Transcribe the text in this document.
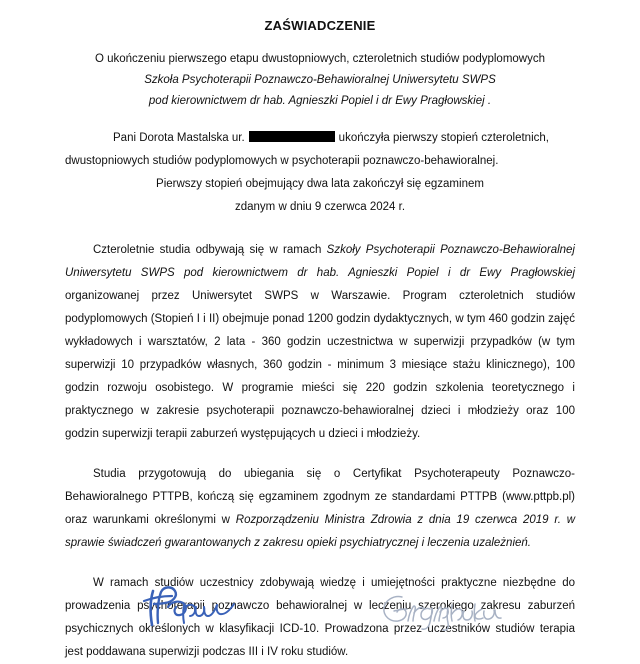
ZAŚWIADCZENIE
O ukończeniu pierwszego etapu dwustopniowych, czteroletnich studiów podyplomowych
Szkoła Psychoterapii Poznawczo-Behawioralnej Uniwersytetu SWPS
pod kierownictwem dr hab. Agnieszki Popiel i dr Ewy Pragłowskiej .
Pani Dorota Mastalska ur.	ukończyła pierwszy stopień czteroletnich,
dwustopniowych studiów podyplomowych w psychoterapii poznawczo-behawioralnej.
Pierwszy stopień obejmujący dwa lata zakończył się egzaminem
zdanym w dniu 9 czerwca 2024 r.

Czteroletnie studia odbywają się w ramach Szkoły Psychoterapii Poznawczo-Behawioralnej Uniwersytetu SWPS pod kierownictwem dr hab. Agnieszki Popiel i dr Ewy Pragłowskiej organizowanej przez Uniwersytet SWPS w Warszawie. Program czteroletnich studiów podyplomowych (Stopień I i II) obejmuje ponad 1200 godzin dydaktycznych, w tym 460 godzin zajęć wykładowych i warsztatów, 2 lata - 360 godzin uczestnictwa w superwizji przypadków (w tym superwizji 10 przypadków własnych, 360 godzin - minimum 3 miesiące stażu klinicznego), 100 godzin rozwoju osobistego. W programie mieści się 220 godzin szkolenia teoretycznego i praktycznego w zakresie psychoterapii poznawczo-behawioralnej dzieci i młodzieży oraz 100 godzin superwizji terapii zaburzeń występujących u dzieci i młodzieży.

Studia przygotowują do ubiegania się o Certyfikat Psychoterapeuty Poznawczo-Behawioralnego PTTPB, kończą się egzaminem zgodnym ze standardami PTTPB (www.pttpb.pl) oraz warunkami określonymi w Rozporządzeniu Ministra Zdrowia z dnia 19 czerwca 2019 r. w sprawie świadczeń gwarantowanych z zakresu opieki psychiatrycznej i leczenia uzależnień.

W ramach studiów uczestnicy zdobywają wiedzę i umiejętności praktyczne niezbędne do prowadzenia psychoterapii poznawczo behawioralnej w leczeniu szerokiego zakresu zaburzeń psychicznych określonych w klasyfikacji ICD-10. Prowadzona przez uczestników studiów terapia jest poddawana superwizji podczas III i IV roku studiów.
